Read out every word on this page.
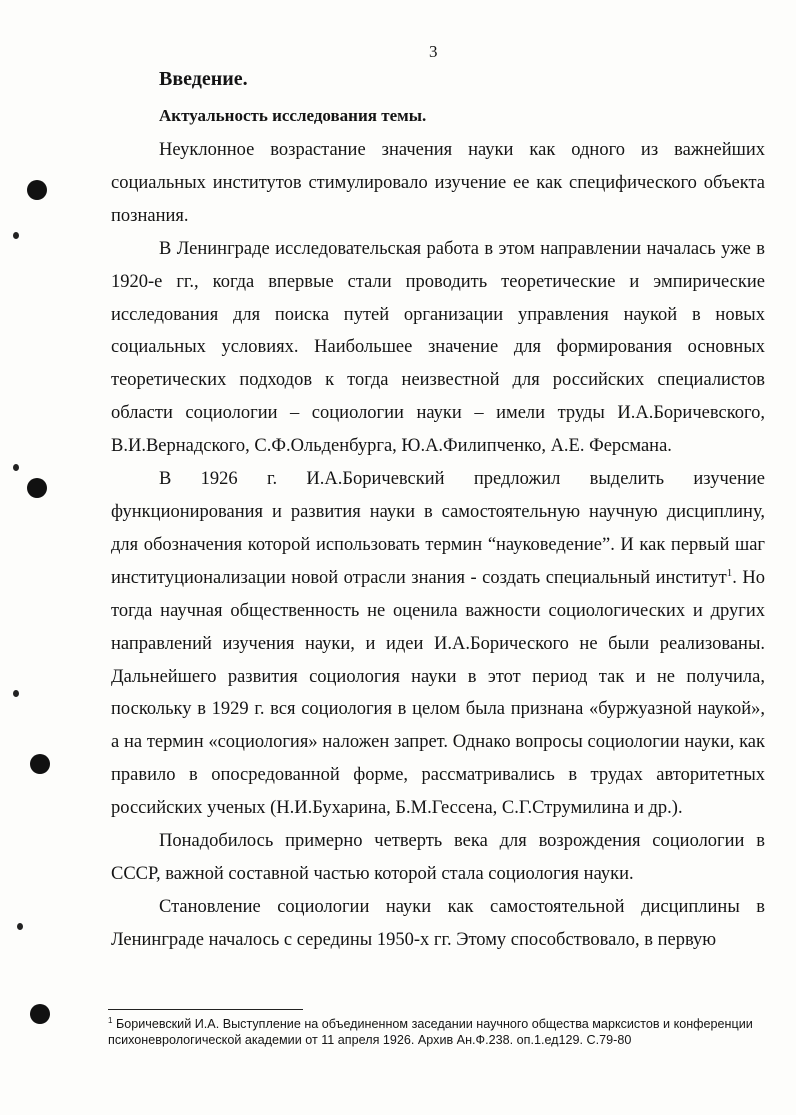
3
Введение.
Актуальность исследования темы.

Неуклонное возрастание значения науки как одного из важнейших социальных институтов стимулировало изучение ее как специфического объекта познания.

В Ленинграде исследовательская работа в этом направлении началась уже в 1920-е гг., когда впервые стали проводить теоретические и эмпирические исследования для поиска путей организации управления наукой в новых социальных условиях. Наибольшее значение для формирования основных теоретических подходов к тогда неизвестной для российских специалистов области социологии – социологии науки – имели труды И.А.Боричевского, В.И.Вернадского, С.Ф.Ольденбурга, Ю.А.Филипченко, А.Е. Ферсмана.

В 1926 г. И.А.Боричевский предложил выделить изучение функционирования и развития науки в самостоятельную научную дисциплину, для обозначения которой использовать термин “науковедение”. И как первый шаг институционализации новой отрасли знания - создать специальный институт$^1$. Но тогда научная общественность не оценила важности социологических и других направлений изучения науки, и идеи И.А.Борического не были реализованы. Дальнейшего развития социология науки в этот период так и не получила, поскольку в 1929 г. вся социология в целом была признана «буржуазной наукой», а на термин «социология» наложен запрет. Однако вопросы социологии науки, как правило в опосредованной форме, рассматривались в трудах авторитетных российских ученых (Н.И.Бухарина, Б.М.Гессена, С.Г.Струмилина и др.).

Понадобилось примерно четверть века для возрождения социологии в СССР, важной составной частью которой стала социология науки.

Становление социологии науки как самостоятельной дисциплины в Ленинграде началось с середины 1950-х гг. Этому способствовало, в первую

$^1$ Боричевский И.А. Выступление на объединенном заседании научного общества марксистов и конференции психоневрологической академии от 11 апреля 1926. Архив Ан.Ф.238. оп.1.ед129. С.79-80
